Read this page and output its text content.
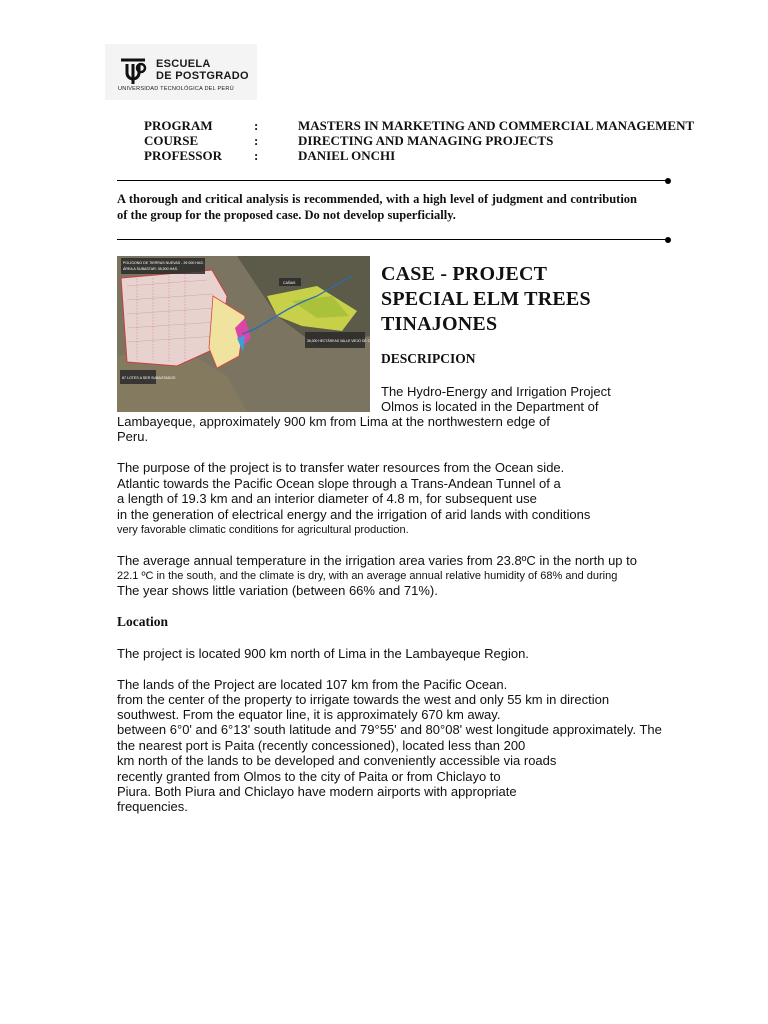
ESCUELA
DE POSTGRADO
UNIVERSIDAD TECNOLÓGICA DEL PERÚ
PROGRAM	:	MASTERS IN MARKETING AND COMMERCIAL MANAGEMENT
COURSE	:	DIRECTING AND MANAGING PROJECTS
PROFESSOR :	DANIEL ONCHI
A thorough and critical analysis is recommended, with a high level of judgment and contribution of the group for the proposed case. Do not develop superficially.
POLÍGONO DE TIERRAS NUEVAS - 39 000 HAS.
ÁREA A SUBASTAR: 38,500 HAS.
87 LOTES A SER SUBASTADOS
35,000 HECTÁREAS VALLE VIEJO DE OLMOS
CAÑAS	CASE - PROJECT
SPECIAL ELM TREES
TINAJONES
DESCRIPCION
The Hydro-Energy and Irrigation Project
Olmos is located in the Department of
Lambayeque, approximately 900 km from Lima at the northwestern edge of
Peru.
The purpose of the project is to transfer water resources from the Ocean side.
Atlantic towards the Pacific Ocean slope through a Trans-Andean Tunnel of a
a length of 19.3 km and an interior diameter of 4.8 m, for subsequent use
in the generation of electrical energy and the irrigation of arid lands with conditions
very favorable climatic conditions for agricultural production.
The average annual temperature in the irrigation area varies from 23.8ºC in the north up to
22.1 ºC in the south, and the climate is dry, with an average annual relative humidity of 68% and during
The year shows little variation (between 66% and 71%).
Location
The project is located 900 km north of Lima in the Lambayeque Region.
The lands of the Project are located 107 km from the Pacific Ocean.
from the center of the property to irrigate towards the west and only 55 km in direction
southwest. From the equator line, it is approximately 670 km away.
between 6°0' and 6°13' south latitude and 79°55' and 80°08' west longitude approximately. The
the nearest port is Paita (recently concessioned), located less than 200
km north of the lands to be developed and conveniently accessible via roads
recently granted from Olmos to the city of Paita or from Chiclayo to
Piura. Both Piura and Chiclayo have modern airports with appropriate
frequencies.
